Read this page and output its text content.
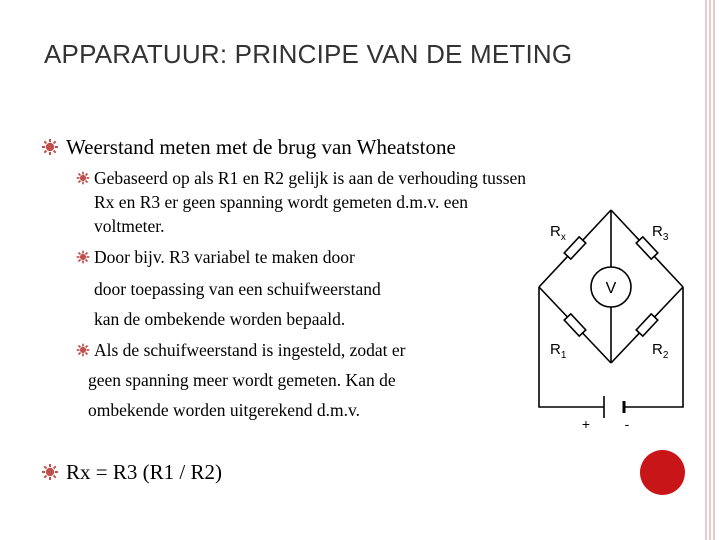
APPARATUUR: PRINCIPE VAN DE METING
Weerstand meten met de brug van Wheatstone
Gebaseerd op als R1 en R2 gelijk is aan de verhouding tussen
Rx en R3 er geen spanning wordt gemeten d.m.v. een
voltmeter.
Door bijv. R3 variabel te maken door
door toepassing van een schuifweerstand
kan de ombekende worden bepaald.
Als de schuifweerstand is ingesteld, zodat er
geen spanning meer wordt gemeten. Kan de
ombekende worden uitgerekend d.m.v.
Rx = R3 (R1 / R2)
$R_x$	$R_3$
$R_1$	$R_2$
V
+ -
